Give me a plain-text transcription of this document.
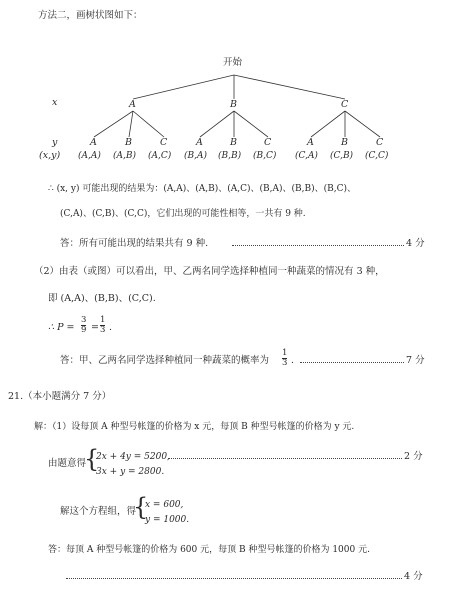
方法二，画树状图如下：
开始
x
y
(x,y)
A	B	C
A	B	C	A	B	C	A	B	C
(A,A) (A,B) (A,C) (B,A) (B,B) (B,C) (C,A) (C,B) (C,C)
∴ (x, y) 可能出现的结果为：(A,A)、(A,B)、(A,C)、(B,A)、(B,B)、(B,C)、
(C,A)、(C,B)、(C,C)，它们出现的可能性相等，一共有 9 种.
答：所有可能出现的结果共有 9 种.	4 分
（2）由表（或图）可以看出，甲、乙两名同学选择种植同一种蔬菜的情况有 3 种，
即 (A,A)、(B,B)、(C,C).
∴ P =
3
9 =
1
3 .
答：甲、乙两名同学选择种植同一种蔬菜的概率为
1
3 .	7 分
21.（本小题满分 7 分）
解：（1）设每顶 A 种型号帐篷的价格为 x 元，每顶 B 种型号帐篷的价格为 y 元.
由题意得
{
2x + 4y = 5200,
3x + y = 2800.
2 分
解这个方程组，得
{
x = 600,
y = 1000.
答：每顶 A 种型号帐篷的价格为 600 元，每顶 B 种型号帐篷的价格为 1000 元.
4 分
